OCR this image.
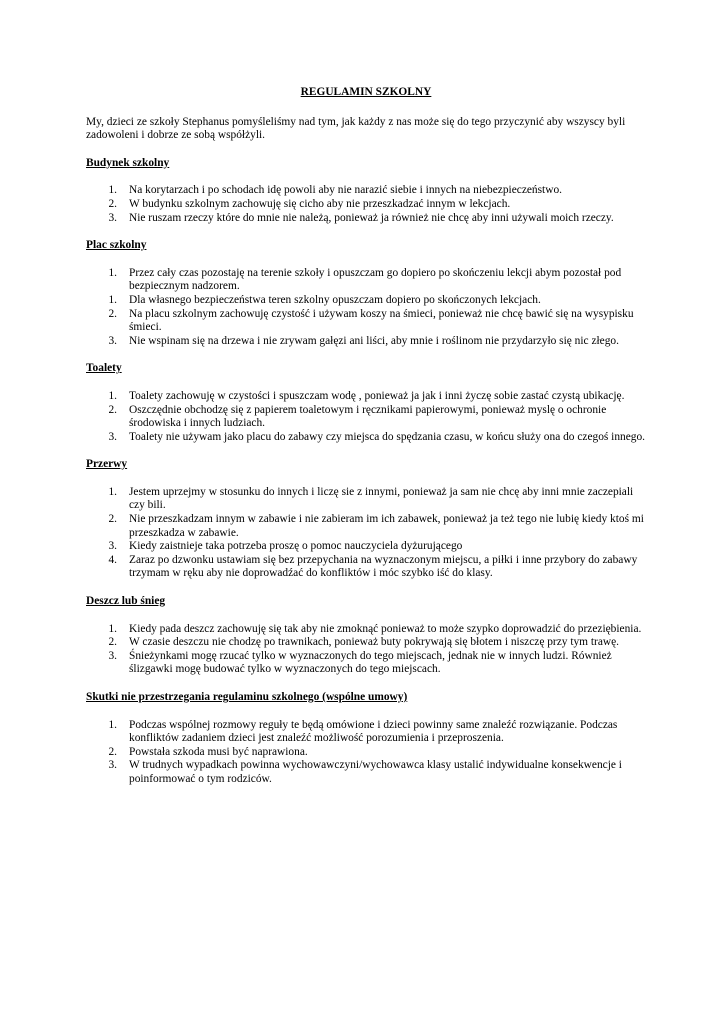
REGULAMIN SZKOLNY
My, dzieci ze szkoły Stephanus pomyśleliśmy nad tym, jak każdy z nas może się do tego przyczynić aby wszyscy byli zadowoleni i dobrze ze sobą współżyli.
Budynek szkolny
1.	Na korytarzach i po schodach idę powoli aby nie narazić siebie i innych na niebezpieczeństwo.
2.	W budynku szkolnym zachowuję się cicho aby nie przeszkadzać innym w lekcjach.
3.	Nie ruszam rzeczy które do mnie nie należą, ponieważ ja również nie chcę aby inni używali moich rzeczy.
Plac szkolny
1.	Przez cały czas pozostaję na terenie szkoły i opuszczam go dopiero po skończeniu lekcji abym pozostał pod bezpiecznym nadzorem.
1.	Dla własnego bezpieczeństwa teren szkolny opuszczam dopiero po skończonych lekcjach.
2.	Na placu szkolnym zachowuję czystość i używam koszy na śmieci, ponieważ nie chcę bawić się na wysypisku śmieci.
3.	Nie wspinam się na drzewa i nie zrywam gałęzi ani liści, aby mnie i roślinom nie przydarzyło się nic złego.
Toalety
1.	Toalety zachowuję w czystości i spuszczam wodę , ponieważ ja jak i inni życzę sobie zastać czystą ubikację.
2.	Oszczędnie obchodzę się z papierem toaletowym i ręcznikami papierowymi, ponieważ myslę o ochronie środowiska i innych ludziach.
3.	Toalety nie używam jako placu do zabawy czy miejsca do spędzania czasu, w końcu służy ona do czegoś innego.
Przerwy
1.	Jestem uprzejmy w stosunku do innych i liczę sie z innymi, ponieważ ja sam nie chcę aby inni mnie zaczepiali czy bili.
2.	Nie przeszkadzam innym w zabawie i nie zabieram im ich zabawek, ponieważ ja też tego nie lubię kiedy ktoś mi przeszkadza w zabawie.
3.	Kiedy zaistnieje taka potrzeba proszę o pomoc nauczyciela dyżurującego
4.	Zaraz po dzwonku ustawiam się bez przepychania na wyznaczonym miejscu, a piłki i inne przybory do zabawy trzymam w ręku aby nie doprowadźać do konfliktów i móc szybko iść do klasy.
Deszcz lub śnieg
1.	Kiedy pada deszcz zachowuję się tak aby nie zmoknąć ponieważ to może szypko doprowadzić do przeziębienia.
2.	W czasie deszczu nie chodzę po trawnikach, ponieważ buty pokrywają się błotem i niszczę przy tym trawę.
3.	Śnieżynkami mogę rzucać tylko w wyznaczonych do tego miejscach, jednak nie w innych ludzi. Również ślizgawki mogę budować tylko w wyznaczonych do tego miejscach.
Skutki nie przestrzegania regulaminu szkolnego (wspólne umowy)
1.	Podczas wspólnej rozmowy reguły te będą omówione i dzieci powinny same znaleźć rozwiązanie. Podczas konfliktów zadaniem dzieci jest znaleźć możliwość porozumienia i przeproszenia.
2.	Powstała szkoda musi być naprawiona.
3.	W trudnych wypadkach powinna wychowawczyni/wychowawca klasy ustalić indywidualne konsekwencje i poinformować o tym rodziców.
